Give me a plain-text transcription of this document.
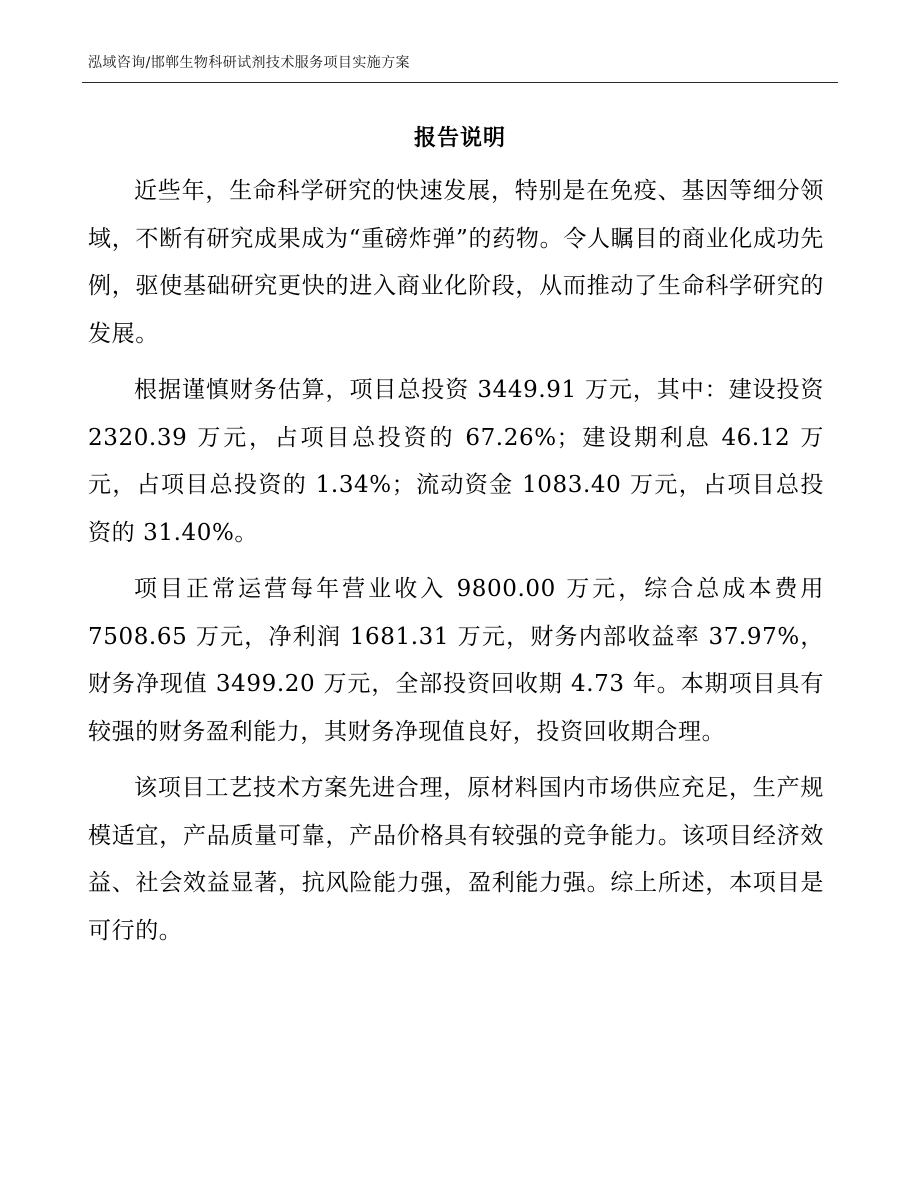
泓域咨询/邯郸生物科研试剂技术服务项目实施方案
报告说明

近些年，生命科学研究的快速发展，特别是在免疫、基因等细分领域，不断有研究成果成为“重磅炸弹”的药物。令人瞩目的商业化成功先例，驱使基础研究更快的进入商业化阶段，从而推动了生命科学研究的发展。

根据谨慎财务估算，项目总投资 3449.91 万元，其中：建设投资 2320.39 万元，占项目总投资的 67.26%；建设期利息 46.12 万元，占项目总投资的 1.34%；流动资金 1083.40 万元，占项目总投资的 31.40%。

项目正常运营每年营业收入 9800.00 万元，综合总成本费用 7508.65 万元，净利润 1681.31 万元，财务内部收益率 37.97%，财务净现值 3499.20 万元，全部投资回收期 4.73 年。本期项目具有较强的财务盈利能力，其财务净现值良好，投资回收期合理。

该项目工艺技术方案先进合理，原材料国内市场供应充足，生产规模适宜，产品质量可靠，产品价格具有较强的竞争能力。该项目经济效益、社会效益显著，抗风险能力强，盈利能力强。综上所述，本项目是可行的。
